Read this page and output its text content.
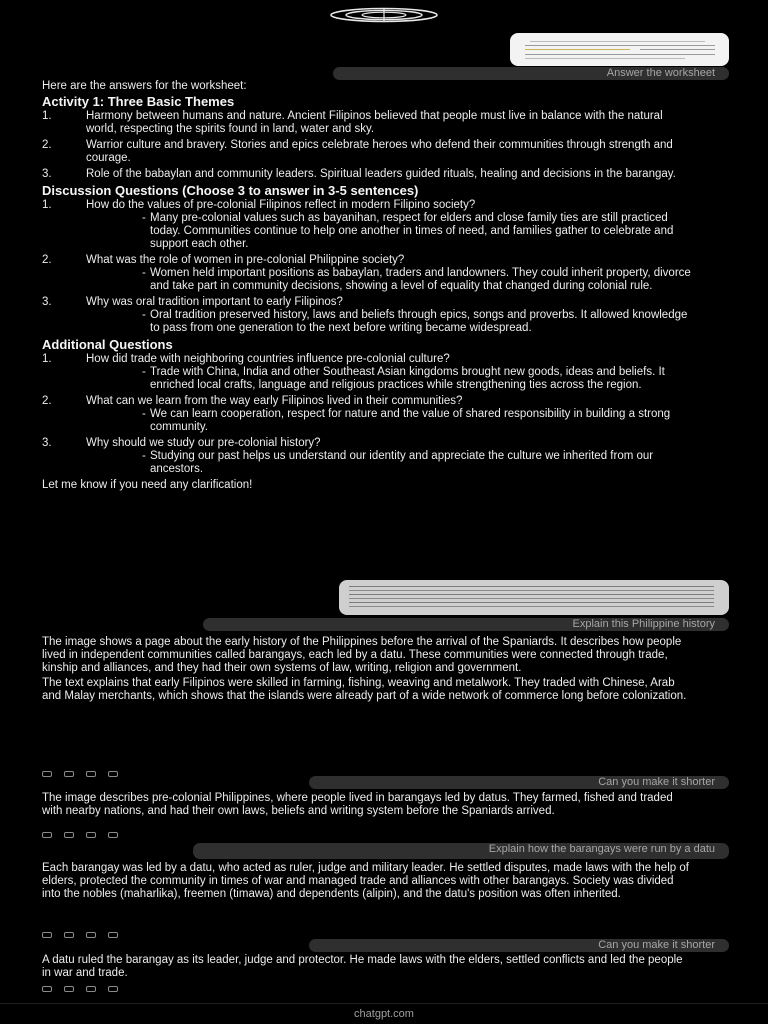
Answer the worksheet

Here are the answers for the worksheet:

Activity 1: Three Basic Themes
1.	Harmony between humans and nature. Ancient Filipinos believed that people must live in balance with the natural world, respecting the spirits found in land, water and sky.
2.	Warrior culture and bravery. Stories and epics celebrate heroes who defend their communities through strength and courage.
3.	Role of the babaylan and community leaders. Spiritual leaders guided rituals, healing and decisions in the barangay.
Discussion Questions (Choose 3 to answer in 3-5 sentences)
1.	How do the values of pre-colonial Filipinos reflect in modern Filipino society?
- Many pre-colonial values such as bayanihan, respect for elders and close family ties are still practiced today. Communities continue to help one another in times of need, and families gather to celebrate and support each other.
2.	What was the role of women in pre-colonial Philippine society?
- Women held important positions as babaylan, traders and landowners. They could inherit property, divorce and take part in community decisions, showing a level of equality that changed during colonial rule.
3.	Why was oral tradition important to early Filipinos?
- Oral tradition preserved history, laws and beliefs through epics, songs and proverbs. It allowed knowledge to pass from one generation to the next before writing became widespread.
Additional Questions
1.	How did trade with neighboring countries influence pre-colonial culture?
- Trade with China, India and other Southeast Asian kingdoms brought new goods, ideas and beliefs. It enriched local crafts, language and religious practices while strengthening ties across the region.
2.	What can we learn from the way early Filipinos lived in their communities?
- We can learn cooperation, respect for nature and the value of shared responsibility in building a strong community.
3.	Why should we study our pre-colonial history?
- Studying our past helps us understand our identity and appreciate the culture we inherited from our ancestors.

Let me know if you need any clarification!

Explain this Philippine history

The image shows a page about the early history of the Philippines before the arrival of the Spaniards. It describes how people lived in independent communities called barangays, each led by a datu. These communities were connected through trade, kinship and alliances, and they had their own systems of law, writing, religion and government.

The text explains that early Filipinos were skilled in farming, fishing, weaving and metalwork. They traded with Chinese, Arab and Malay merchants, which shows that the islands were already part of a wide network of commerce long before colonization.

Can you make it shorter

The image describes pre-colonial Philippines, where people lived in barangays led by datus. They farmed, fished and traded with nearby nations, and had their own laws, beliefs and writing system before the Spaniards arrived.

Explain how the barangays were run by a datu

Each barangay was led by a datu, who acted as ruler, judge and military leader. He settled disputes, made laws with the help of elders, protected the community in times of war and managed trade and alliances with other barangays. Society was divided into the nobles (maharlika), freemen (timawa) and dependents (alipin), and the datu's position was often inherited.

Can you make it shorter

A datu ruled the barangay as its leader, judge and protector. He made laws with the elders, settled conflicts and led the people in war and trade.

chatgpt.com
